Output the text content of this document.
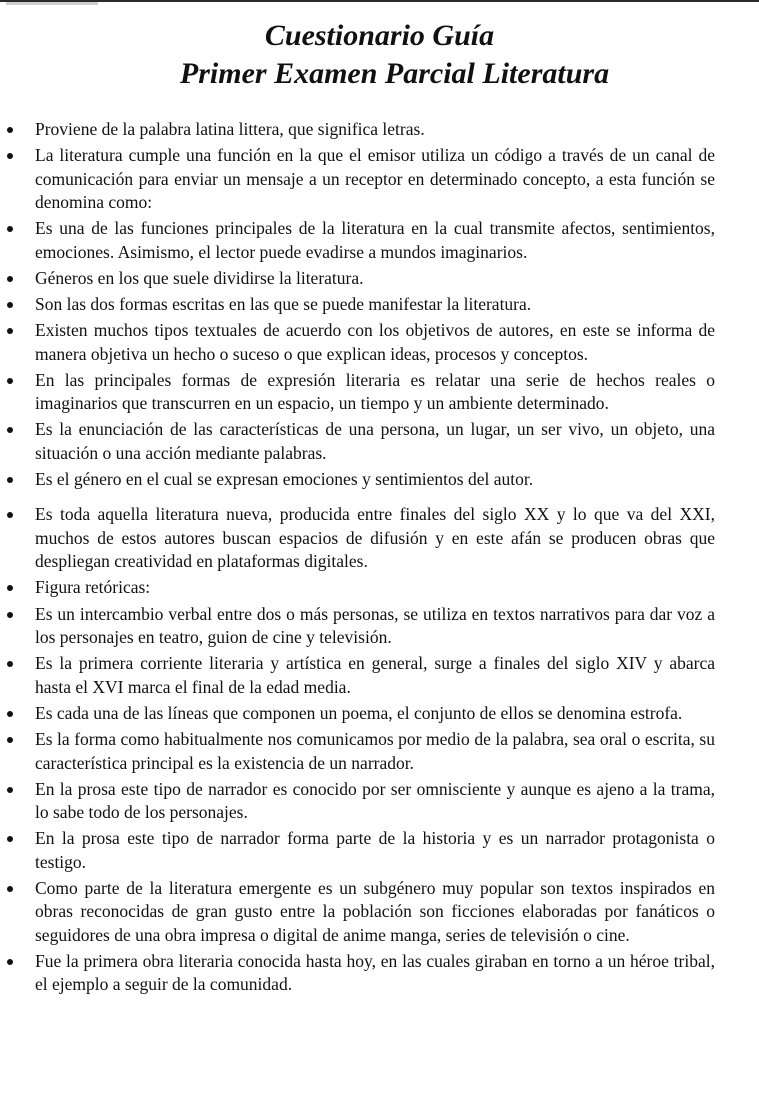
Cuestionario Guía
Primer Examen Parcial Literatura
Proviene de la palabra latina littera, que significa letras.
La literatura cumple una función en la que el emisor utiliza un código a través de un canal de comunicación para enviar un mensaje a un receptor en determinado concepto, a esta función se denomina como:
Es una de las funciones principales de la literatura en la cual transmite afectos, sentimientos, emociones. Asimismo, el lector puede evadirse a mundos imaginarios.
Géneros en los que suele dividirse la literatura.
Son las dos formas escritas en las que se puede manifestar la literatura.
Existen muchos tipos textuales de acuerdo con los objetivos de autores, en este se informa de manera objetiva un hecho o suceso o que explican ideas, procesos y conceptos.
En las principales formas de expresión literaria es relatar una serie de hechos reales o imaginarios que transcurren en un espacio, un tiempo y un ambiente determinado.
Es la enunciación de las características de una persona, un lugar, un ser vivo, un objeto, una situación o una acción mediante palabras.
Es el género en el cual se expresan emociones y sentimientos del autor.
Es toda aquella literatura nueva, producida entre finales del siglo XX y lo que va del XXI, muchos de estos autores buscan espacios de difusión y en este afán se producen obras que despliegan creatividad en plataformas digitales.
Figura retóricas:
Es un intercambio verbal entre dos o más personas, se utiliza en textos narrativos para dar voz a los personajes en teatro, guion de cine y televisión.
Es la primera corriente literaria y artística en general, surge a finales del siglo XIV y abarca hasta el XVI marca el final de la edad media.
Es cada una de las líneas que componen un poema, el conjunto de ellos se denomina estrofa.
Es la forma como habitualmente nos comunicamos por medio de la palabra, sea oral o escrita, su característica principal es la existencia de un narrador.
En la prosa este tipo de narrador es conocido por ser omnisciente y aunque es ajeno a la trama, lo sabe todo de los personajes.
En la prosa este tipo de narrador forma parte de la historia y es un narrador protagonista o testigo.
Como parte de la literatura emergente es un subgénero muy popular son textos inspirados en obras reconocidas de gran gusto entre la población son ficciones elaboradas por fanáticos o seguidores de una obra impresa o digital de anime manga, series de televisión o cine.
Fue la primera obra literaria conocida hasta hoy, en las cuales giraban en torno a un héroe tribal, el ejemplo a seguir de la comunidad.
